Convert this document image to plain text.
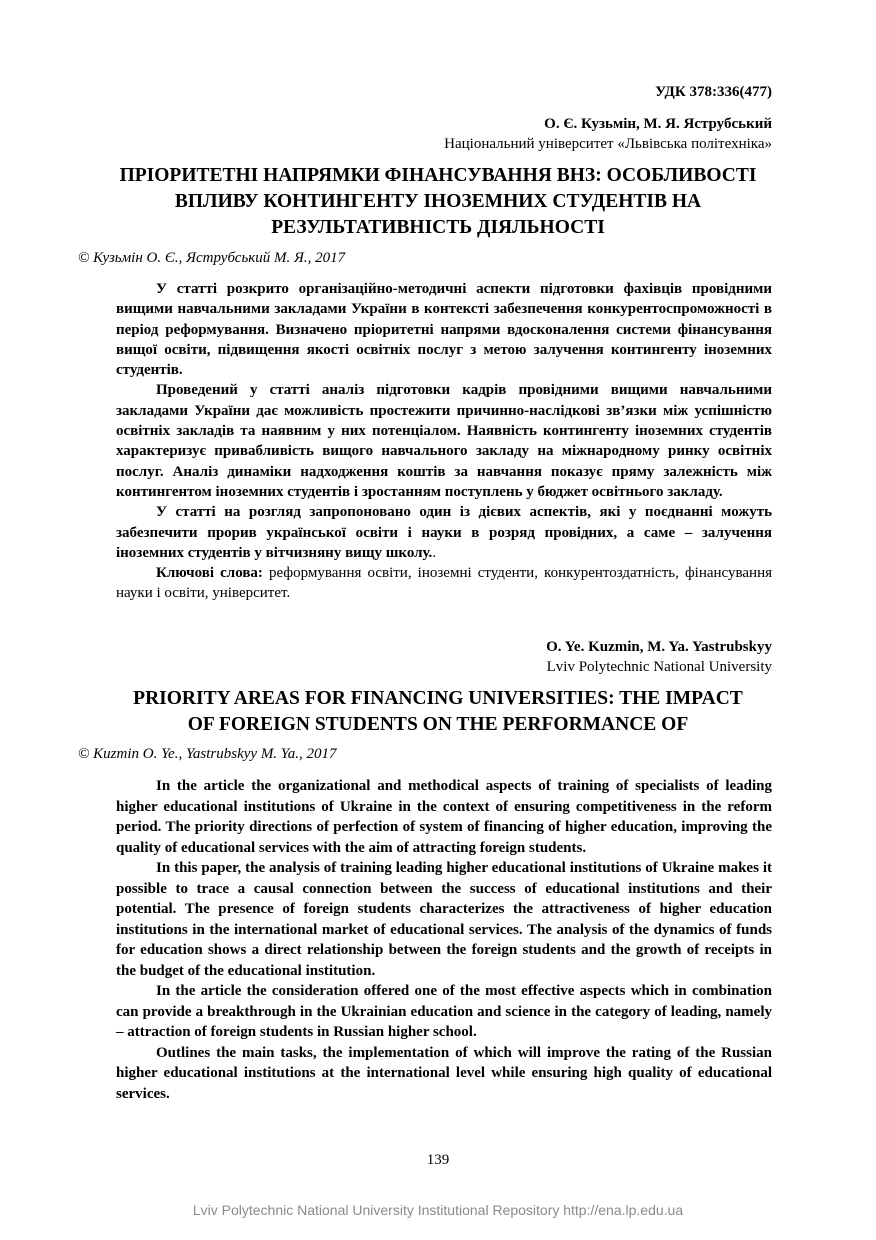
УДК 378:336(477)
О. Є. Кузьмін, М. Я. Яструбський
Національний університет «Львівська політехніка»
ПРІОРИТЕТНІ НАПРЯМКИ ФІНАНСУВАННЯ ВНЗ: ОСОБЛИВОСТІ
ВПЛИВУ КОНТИНГЕНТУ ІНОЗЕМНИХ СТУДЕНТІВ НА
РЕЗУЛЬТАТИВНІСТЬ ДІЯЛЬНОСТІ
© Кузьмін О. Є., Яструбський М. Я., 2017

У статті розкрито організаційно-методичні аспекти підготовки фахівців провідними вищими навчальними закладами України в контексті забезпечення конкурентоспроможності в період реформування. Визначено пріоритетні напрями вдосконалення системи фінансування вищої освіти, підвищення якості освітніх послуг з метою залучення контингенту іноземних студентів.

Проведений у статті аналіз підготовки кадрів провідними вищими навчальними закладами України дає можливість простежити причинно-наслідкові зв’язки між успішністю освітніх закладів та наявним у них потенціалом. Наявність контингенту іноземних студентів характеризує привабливість вищого навчального закладу на міжнародному ринку освітніх послуг. Аналіз динаміки надходження коштів за навчання показує пряму залежність між контингентом іноземних студентів і зростанням поступлень у бюджет освітнього закладу.

У статті на розгляд запропоновано один із дієвих аспектів, які у поєднанні можуть забезпечити прорив української освіти і науки в розряд провідних, а саме – залучення іноземних студентів у вітчизняну вищу школу..

Ключові слова: реформування освіти, іноземні студенти, конкурентоздатність, фінансування науки і освіти, університет.

O. Ye. Kuzmin, M. Ya. Yastrubskyy
Lviv Polytechnic National University
PRIORITY AREAS FOR FINANCING UNIVERSITIES: THE IMPACT
OF FOREIGN STUDENTS ON THE PERFORMANCE OF
© Kuzmin O. Ye., Yastrubskyy M. Ya., 2017

In the article the organizational and methodical aspects of training of specialists of leading higher educational institutions of Ukraine in the context of ensuring competitiveness in the reform period. The priority directions of perfection of system of financing of higher education, improving the quality of educational services with the aim of attracting foreign students.

In this paper, the analysis of training leading higher educational institutions of Ukraine makes it possible to trace a causal connection between the success of educational institutions and their potential. The presence of foreign students characterizes the attractiveness of higher education institutions in the international market of educational services. The analysis of the dynamics of funds for education shows a direct relationship between the foreign students and the growth of receipts in the budget of the educational institution.

In the article the consideration offered one of the most effective aspects which in combination can provide a breakthrough in the Ukrainian education and science in the category of leading, namely – attraction of foreign students in Russian higher school.

Outlines the main tasks, the implementation of which will improve the rating of the Russian higher educational institutions at the international level while ensuring high quality of educational services.

139
Lviv Polytechnic National University Institutional Repository http://ena.lp.edu.ua
